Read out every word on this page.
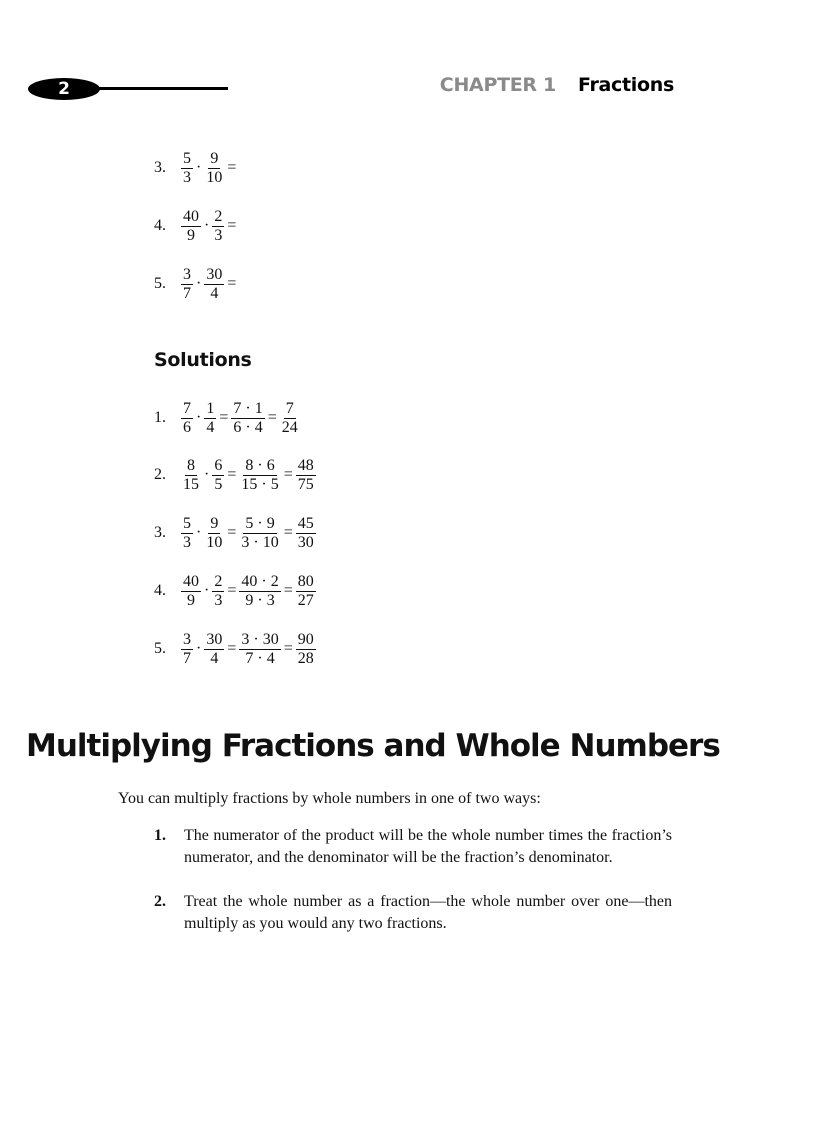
2	CHAPTER 1 Fractions
3. $\frac{5}{3} \cdot \frac{9}{10}$ =
4. $\frac{40}{9} \cdot \frac{2}{3}$ =
5. $\frac{3}{7} \cdot \frac{30}{4}$ =
Solutions
1. $\frac{7}{6} \cdot \frac{1}{4} = \frac{7 \cdot 1}{6 \cdot 4} = \frac{7}{24}$
2. $\frac{8}{15} \cdot \frac{6}{5} = \frac{8 \cdot 6}{15 \cdot 5} = \frac{48}{75}$
3. $\frac{5}{3} \cdot \frac{9}{10} = \frac{5 \cdot 9}{3 \cdot 10} = \frac{45}{30}$
4. $\frac{40}{9} \cdot \frac{2}{3} = \frac{40 \cdot 2}{9 \cdot 3} = \frac{80}{27}$
5. $\frac{3}{7} \cdot \frac{30}{4} = \frac{3 \cdot 30}{7 \cdot 4} = \frac{90}{28}$
Multiplying Fractions and Whole Numbers
You can multiply fractions by whole numbers in one of two ways:
1.	The numerator of the product will be the whole number times the fraction’s numerator, and the denominator will be the fraction’s denominator.
2.	Treat the whole number as a fraction—the whole number over one—then multiply as you would any two fractions.
